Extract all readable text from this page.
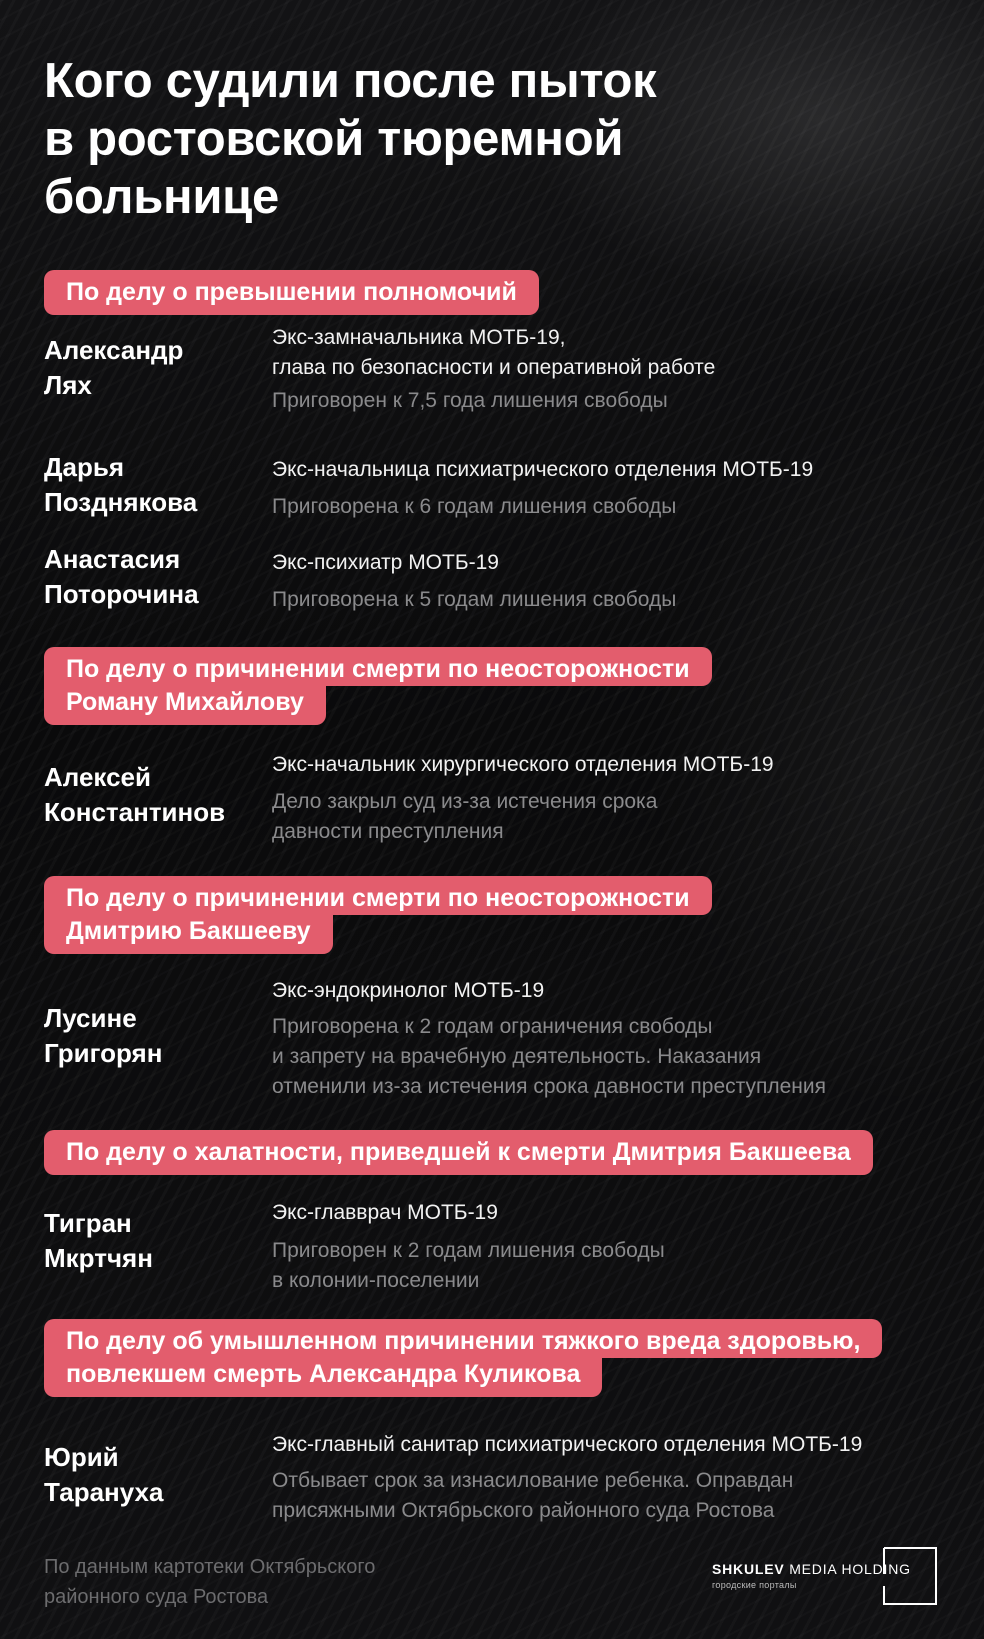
Кого судили после пыток
в ростовской тюремной
больнице
По делу о превышении полномочий
Александр
Лях
Экс-замначальника МОТБ-19,
глава по безопасности и оперативной работе
Приговорен к 7,5 года лишения свободы
Дарья
Позднякова
Экс-начальница психиатрического отделения МОТБ-19
Приговорена к 6 годам лишения свободы
Анастасия
Поторочина
Экс-психиатр МОТБ-19
Приговорена к 5 годам лишения свободы
По делу о причинении смерти по неосторожности Роману Михайлову
Алексей
Константинов
Экс-начальник хирургического отделения МОТБ-19
Дело закрыл суд из-за истечения срока
давности преступления
По делу о причинении смерти по неосторожности Дмитрию Бакшееву
Лусине
Григорян
Экс-эндокринолог МОТБ-19
Приговорена к 2 годам ограничения свободы
и запрету на врачебную деятельность. Наказания
отменили из-за истечения срока давности преступления
По делу о халатности, приведшей к смерти Дмитрия Бакшеева
Тигран
Мкртчян
Экс-главврач МОТБ-19
Приговорен к 2 годам лишения свободы
в колонии-поселении
По делу об умышленном причинении тяжкого вреда здоровью, повлекшем смерть Александра Куликова
Юрий
Тарануха
Экс-главный санитар психиатрического отделения МОТБ-19
Отбывает срок за изнасилование ребенка. Оправдан
присяжными Октябрьского районного суда Ростова
По данным картотеки Октябрьского
районного суда Ростова
SHKULEV MEDIA HOLDING
городские порталы
